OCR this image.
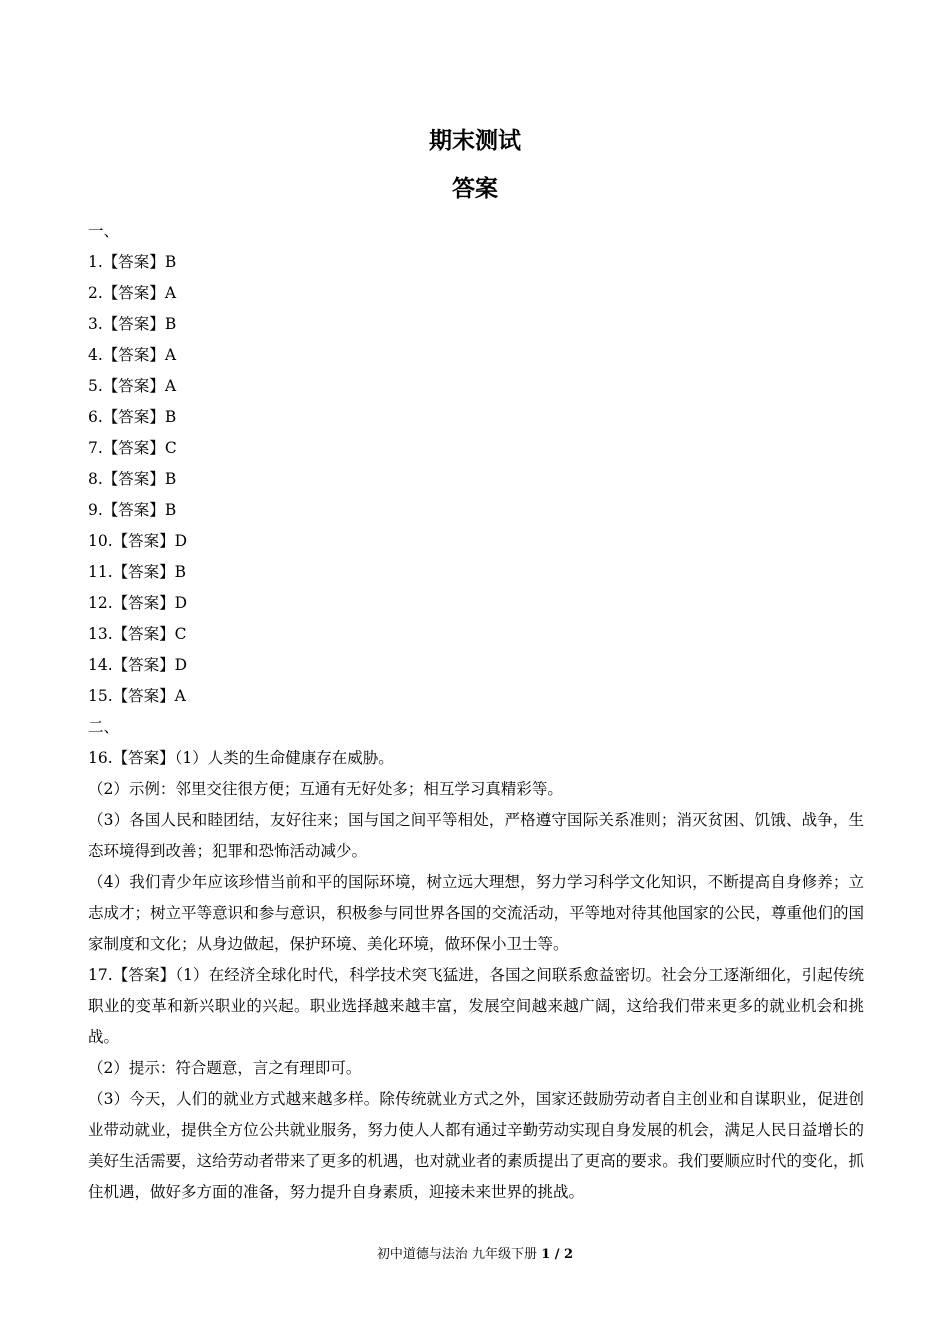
期末测试
答案
一、
1.【答案】B
2.【答案】A
3.【答案】B
4.【答案】A
5.【答案】A
6.【答案】B
7.【答案】C
8.【答案】B
9.【答案】B
10.【答案】D
11.【答案】B
12.【答案】D
13.【答案】C
14.【答案】D
15.【答案】A
二、
16.【答案】（1）人类的生命健康存在威胁。
（2）示例：邻里交往很方便；互通有无好处多；相互学习真精彩等。
（3）各国人民和睦团结，友好往来；国与国之间平等相处，严格遵守国际关系准则；消灭贫困、饥饿、战争，生态环境得到改善；犯罪和恐怖活动减少。
（4）我们青少年应该珍惜当前和平的国际环境，树立远大理想，努力学习科学文化知识，不断提高自身修养；立志成才；树立平等意识和参与意识，积极参与同世界各国的交流活动，平等地对待其他国家的公民，尊重他们的国家制度和文化；从身边做起，保护环境、美化环境，做环保小卫士等。
17.【答案】（1）在经济全球化时代，科学技术突飞猛进，各国之间联系愈益密切。社会分工逐渐细化，引起传统职业的变革和新兴职业的兴起。职业选择越来越丰富，发展空间越来越广阔，这给我们带来更多的就业机会和挑战。
（2）提示：符合题意，言之有理即可。
（3）今天，人们的就业方式越来越多样。除传统就业方式之外，国家还鼓励劳动者自主创业和自谋职业，促进创业带动就业，提供全方位公共就业服务，努力使人人都有通过辛勤劳动实现自身发展的机会，满足人民日益增长的美好生活需要，这给劳动者带来了更多的机遇，也对就业者的素质提出了更高的要求。我们要顺应时代的变化，抓住机遇，做好多方面的准备，努力提升自身素质，迎接未来世界的挑战。
初中道德与法治 九年级下册 1 / 2
